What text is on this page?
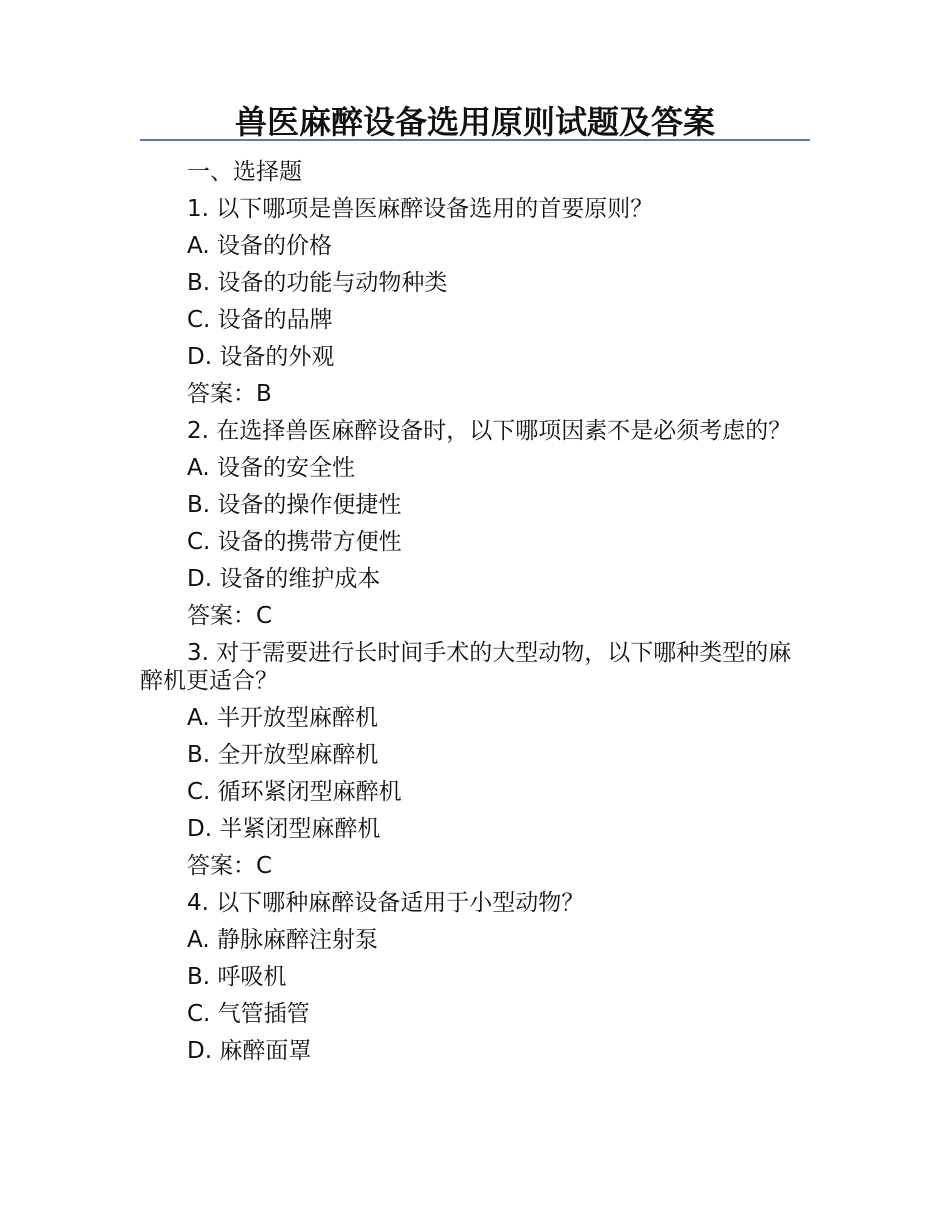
兽医麻醉设备选用原则试题及答案
一、选择题
1. 以下哪项是兽医麻醉设备选用的首要原则？
A. 设备的价格
B. 设备的功能与动物种类
C. 设备的品牌
D. 设备的外观
答案：B
2. 在选择兽医麻醉设备时，以下哪项因素不是必须考虑的？
A. 设备的安全性
B. 设备的操作便捷性
C. 设备的携带方便性
D. 设备的维护成本
答案：C
3. 对于需要进行长时间手术的大型动物，以下哪种类型的麻醉机更适合？
A. 半开放型麻醉机
B. 全开放型麻醉机
C. 循环紧闭型麻醉机
D. 半紧闭型麻醉机
答案：C
4. 以下哪种麻醉设备适用于小型动物？
A. 静脉麻醉注射泵
B. 呼吸机
C. 气管插管
D. 麻醉面罩
